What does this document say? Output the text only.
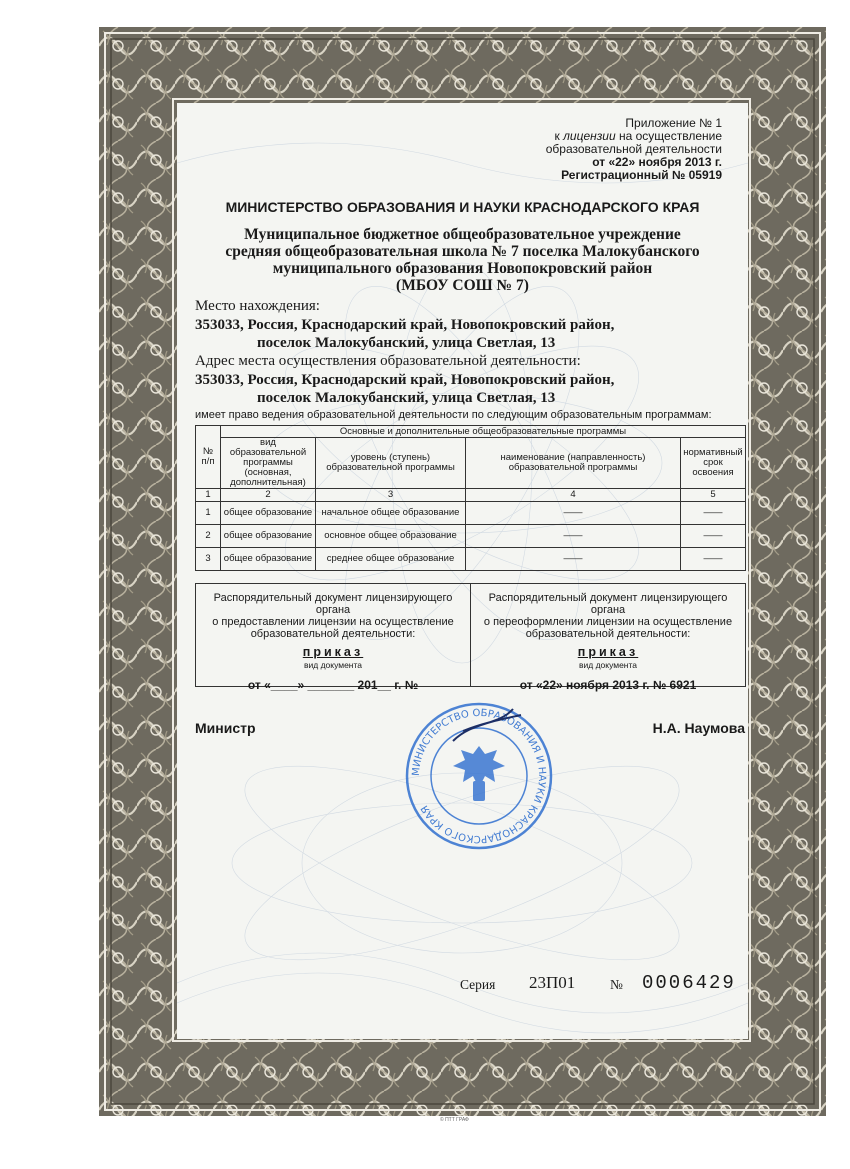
Приложение № 1
к лицензии на осуществление
образовательной деятельности
от «22» ноября 2013 г.
Регистрационный № 05919
МИНИСТЕРСТВО ОБРАЗОВАНИЯ И НАУКИ КРАСНОДАРСКОГО КРАЯ
Муниципальное бюджетное общеобразовательное учреждение
средняя общеобразовательная школа № 7 поселка Малокубанского
муниципального образования Новопокровский район
(МБОУ СОШ № 7)
Место нахождения:
353033, Россия, Краснодарский край, Новопокровский район,
поселок Малокубанский, улица Светлая, 13
Адрес места осуществления образовательной деятельности:
353033, Россия, Краснодарский край, Новопокровский район,
поселок Малокубанский, улица Светлая, 13
имеет право ведения образовательной деятельности по следующим образовательным программам:
№ п/п	Основные и дополнительные общеобразовательные программы			
	вид образовательной программы (основная, дополнительная)	уровень (ступень) образовательной программы	наименование (направленность) образовательной программы	нормативный срок освоения
1	2	3	4	5
1	общее образование	начальное общее образование	——	——
2	общее образование	основное общее образование	——	——
3	общее образование	среднее общее образование	——	——
Распорядительный документ лицензирующего органа
о предоставлении лицензии на осуществление
образовательной деятельности:
приказ
вид документа
от «____» _______ 201__ г. №
Распорядительный документ лицензирующего органа
о переоформлении лицензии на осуществление
образовательной деятельности:
приказ
вид документа
от «22» ноября 2013 г. № 6921
МИНИСТЕРСТВО ОБРАЗОВАНИЯ И НАУКИ КРАСНОДАРСКОГО КРАЯ
Министр	Н.А. Наумова
Серия 23П01	№ 0006429
© ПТТ ГРАФ
